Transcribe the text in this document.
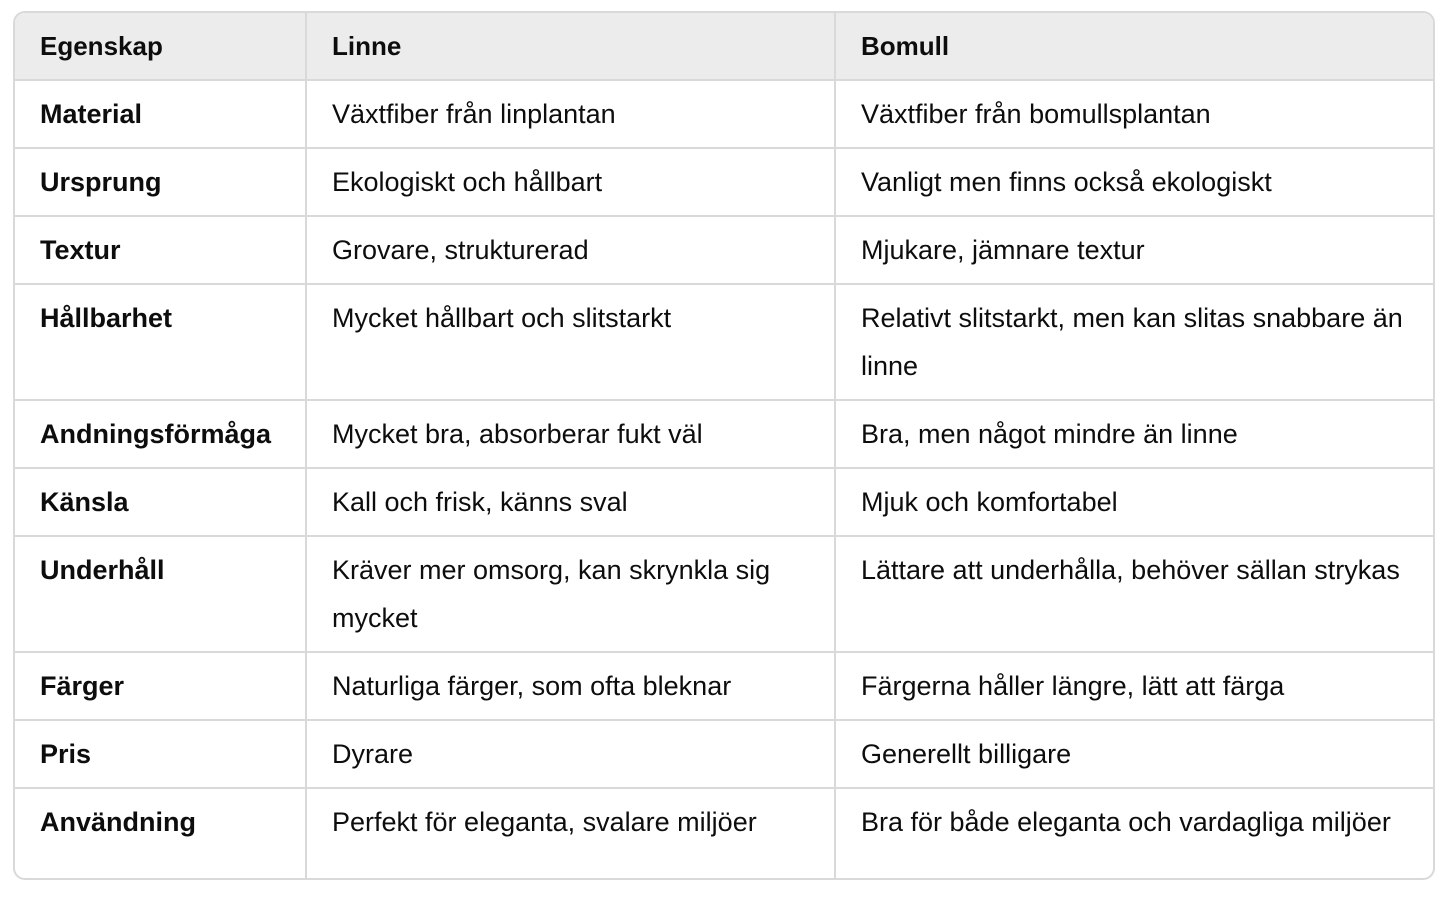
Egenskap	Linne	Bomull
Material	Växtfiber från linplantan	Växtfiber från bomullsplantan
Ursprung	Ekologiskt och hållbart	Vanligt men finns också ekologiskt
Textur	Grovare, strukturerad	Mjukare, jämnare textur
Hållbarhet	Mycket hållbart och slitstarkt	Relativt slitstarkt, men kan slitas snabbare än linne
Andningsförmåga	Mycket bra, absorberar fukt väl	Bra, men något mindre än linne
Känsla	Kall och frisk, känns sval	Mjuk och komfortabel
Underhåll	Kräver mer omsorg, kan skrynkla sig mycket	Lättare att underhålla, behöver sällan strykas
Färger	Naturliga färger, som ofta bleknar	Färgerna håller längre, lätt att färga
Pris	Dyrare	Generellt billigare
Användning	Perfekt för eleganta, svalare miljöer	Bra för både eleganta och vardagliga miljöer
